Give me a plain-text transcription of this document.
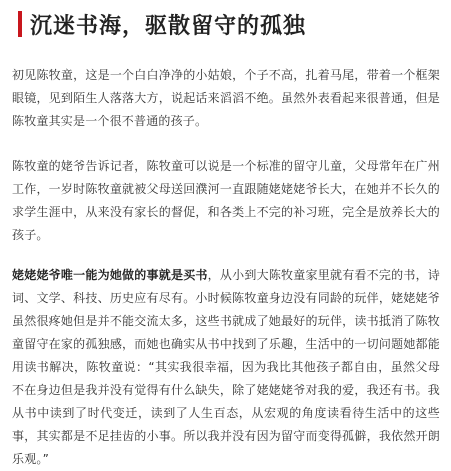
沉迷书海，驱散留守的孤独

初见陈牧童，这是一个白白净净的小姑娘，个子不高，扎着马尾，带着一个框架眼镜，见到陌生人落落大方，说起话来滔滔不绝。虽然外表看起来很普通，但是陈牧童其实是一个很不普通的孩子。

陈牧童的姥爷告诉记者，陈牧童可以说是一个标准的留守儿童，父母常年在广州工作，一岁时陈牧童就被父母送回濮河一直跟随姥姥姥爷长大，在她并不长久的求学生涯中，从来没有家长的督促，和各类上不完的补习班，完全是放养长大的孩子。

姥姥姥爷唯一能为她做的事就是买书，从小到大陈牧童家里就有看不完的书，诗词、文学、科技、历史应有尽有。小时候陈牧童身边没有同龄的玩伴，姥姥姥爷虽然很疼她但是并不能交流太多，这些书就成了她最好的玩伴，读书抵消了陈牧童留守在家的孤独感，而她也确实从书中找到了乐趣，生活中的一切问题她都能用读书解决，陈牧童说：“其实我很幸福，因为我比其他孩子都自由，虽然父母不在身边但是我并没有觉得有什么缺失，除了姥姥姥爷对我的爱，我还有书。我从书中读到了时代变迁，读到了人生百态，从宏观的角度读看待生活中的这些事，其实都是不足挂齿的小事。所以我并没有因为留守而变得孤僻，我依然开朗乐观。”
